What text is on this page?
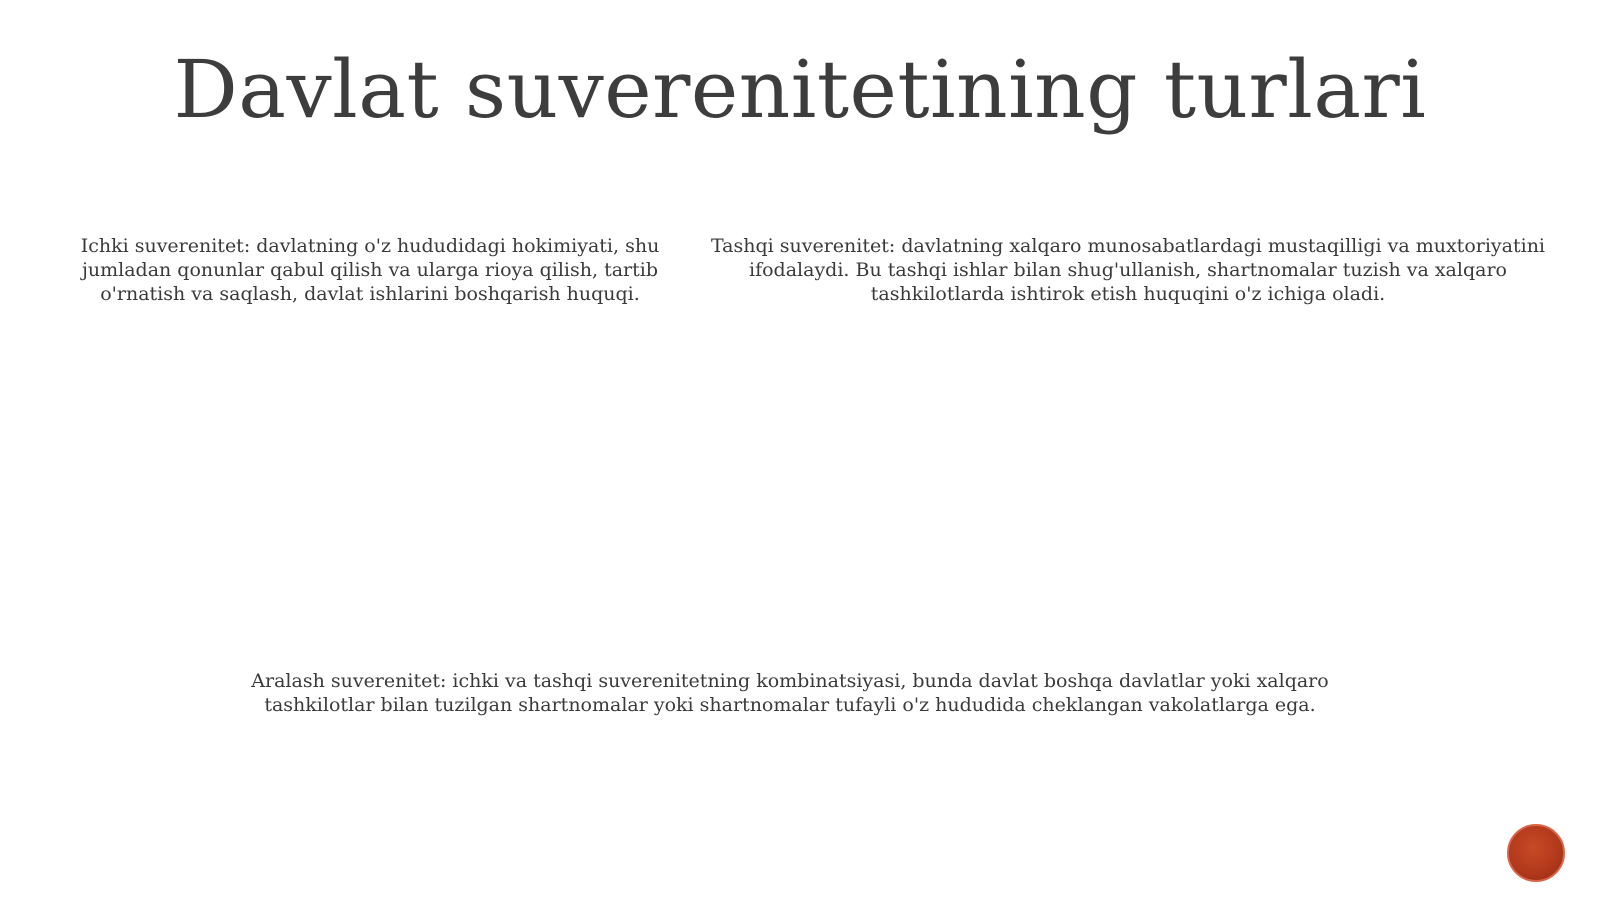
Davlat suverenitetining turlari

Ichki suverenitet: davlatning o'z hududidagi hokimiyati, shu jumladan qonunlar qabul qilish va ularga rioya qilish, tartib o'rnatish va saqlash, davlat ishlarini boshqarish huquqi.

Tashqi suverenitet: davlatning xalqaro munosabatlardagi mustaqilligi va muxtoriyatini ifodalaydi. Bu tashqi ishlar bilan shug'ullanish, shartnomalar tuzish va xalqaro tashkilotlarda ishtirok etish huquqini o'z ichiga oladi.

Aralash suverenitet: ichki va tashqi suverenitetning kombinatsiyasi, bunda davlat boshqa davlatlar yoki xalqaro tashkilotlar bilan tuzilgan shartnomalar yoki shartnomalar tufayli o'z hududida cheklangan vakolatlarga ega.
